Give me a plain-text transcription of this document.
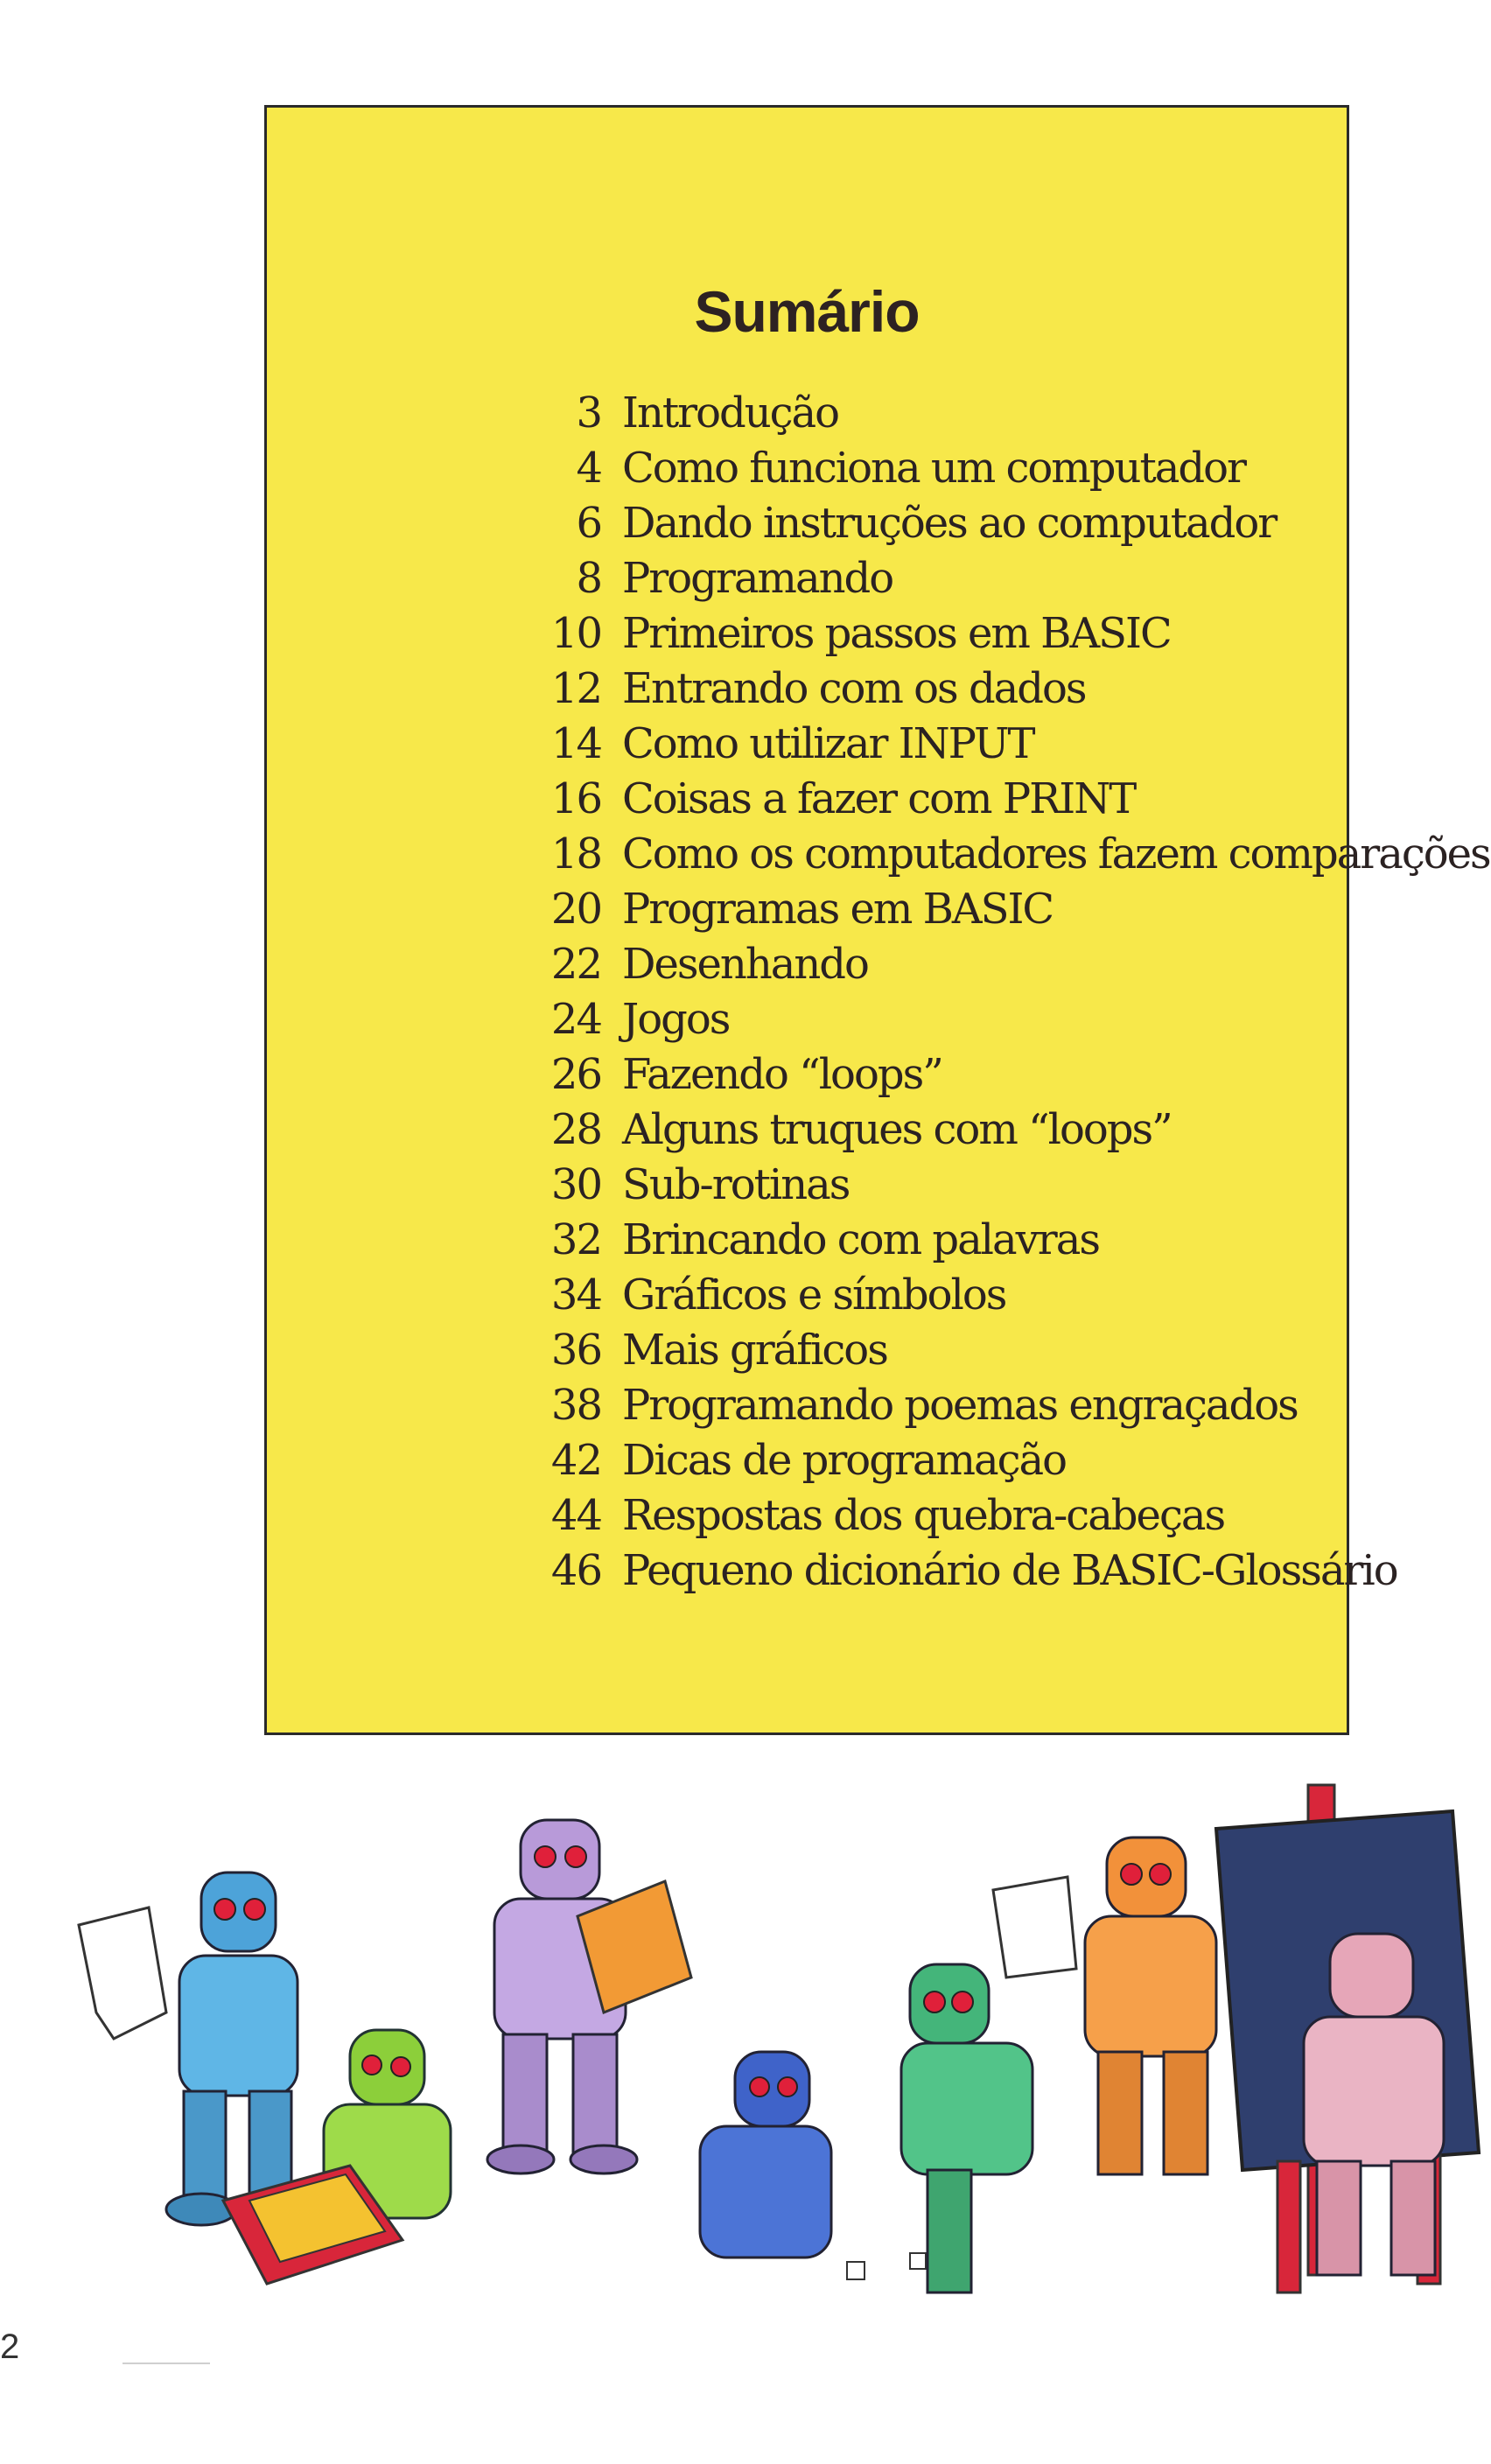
Sumário
3 Introdução
4 Como funciona um computador
6 Dando instruções ao computador
8 Programando
10 Primeiros passos em BASIC
12 Entrando com os dados
14 Como utilizar INPUT
16 Coisas a fazer com PRINT
18 Como os computadores fazem comparações
20 Programas em BASIC
22 Desenhando
24 Jogos
26 Fazendo “loops”
28 Alguns truques com “loops”
30 Sub-rotinas
32 Brincando com palavras
34 Gráficos e símbolos
36 Mais gráficos
38 Programando poemas engraçados
42 Dicas de programação
44 Respostas dos quebra-cabeças
46 Pequeno dicionário de BASIC-Glossário
2
